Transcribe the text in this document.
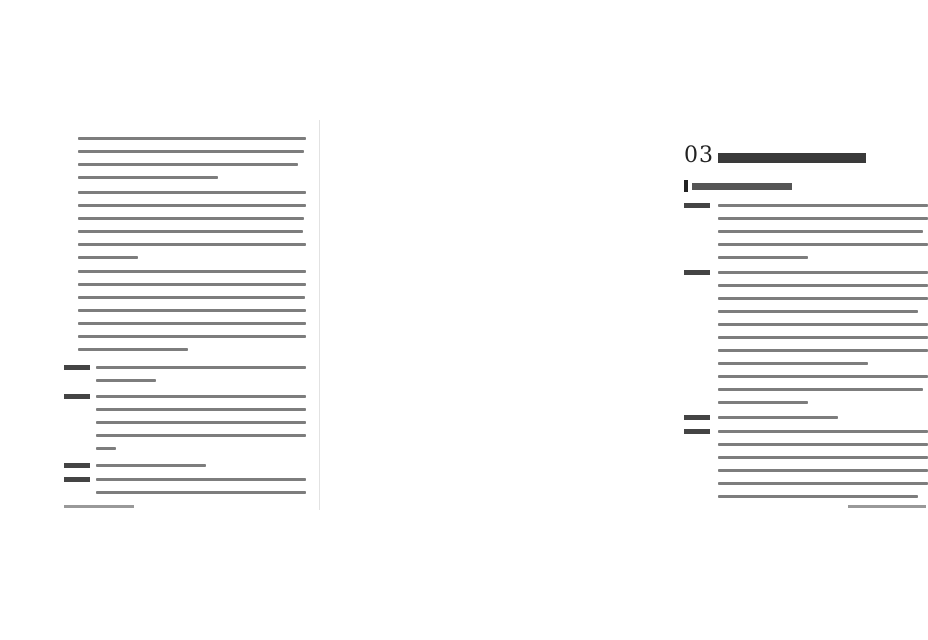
03
